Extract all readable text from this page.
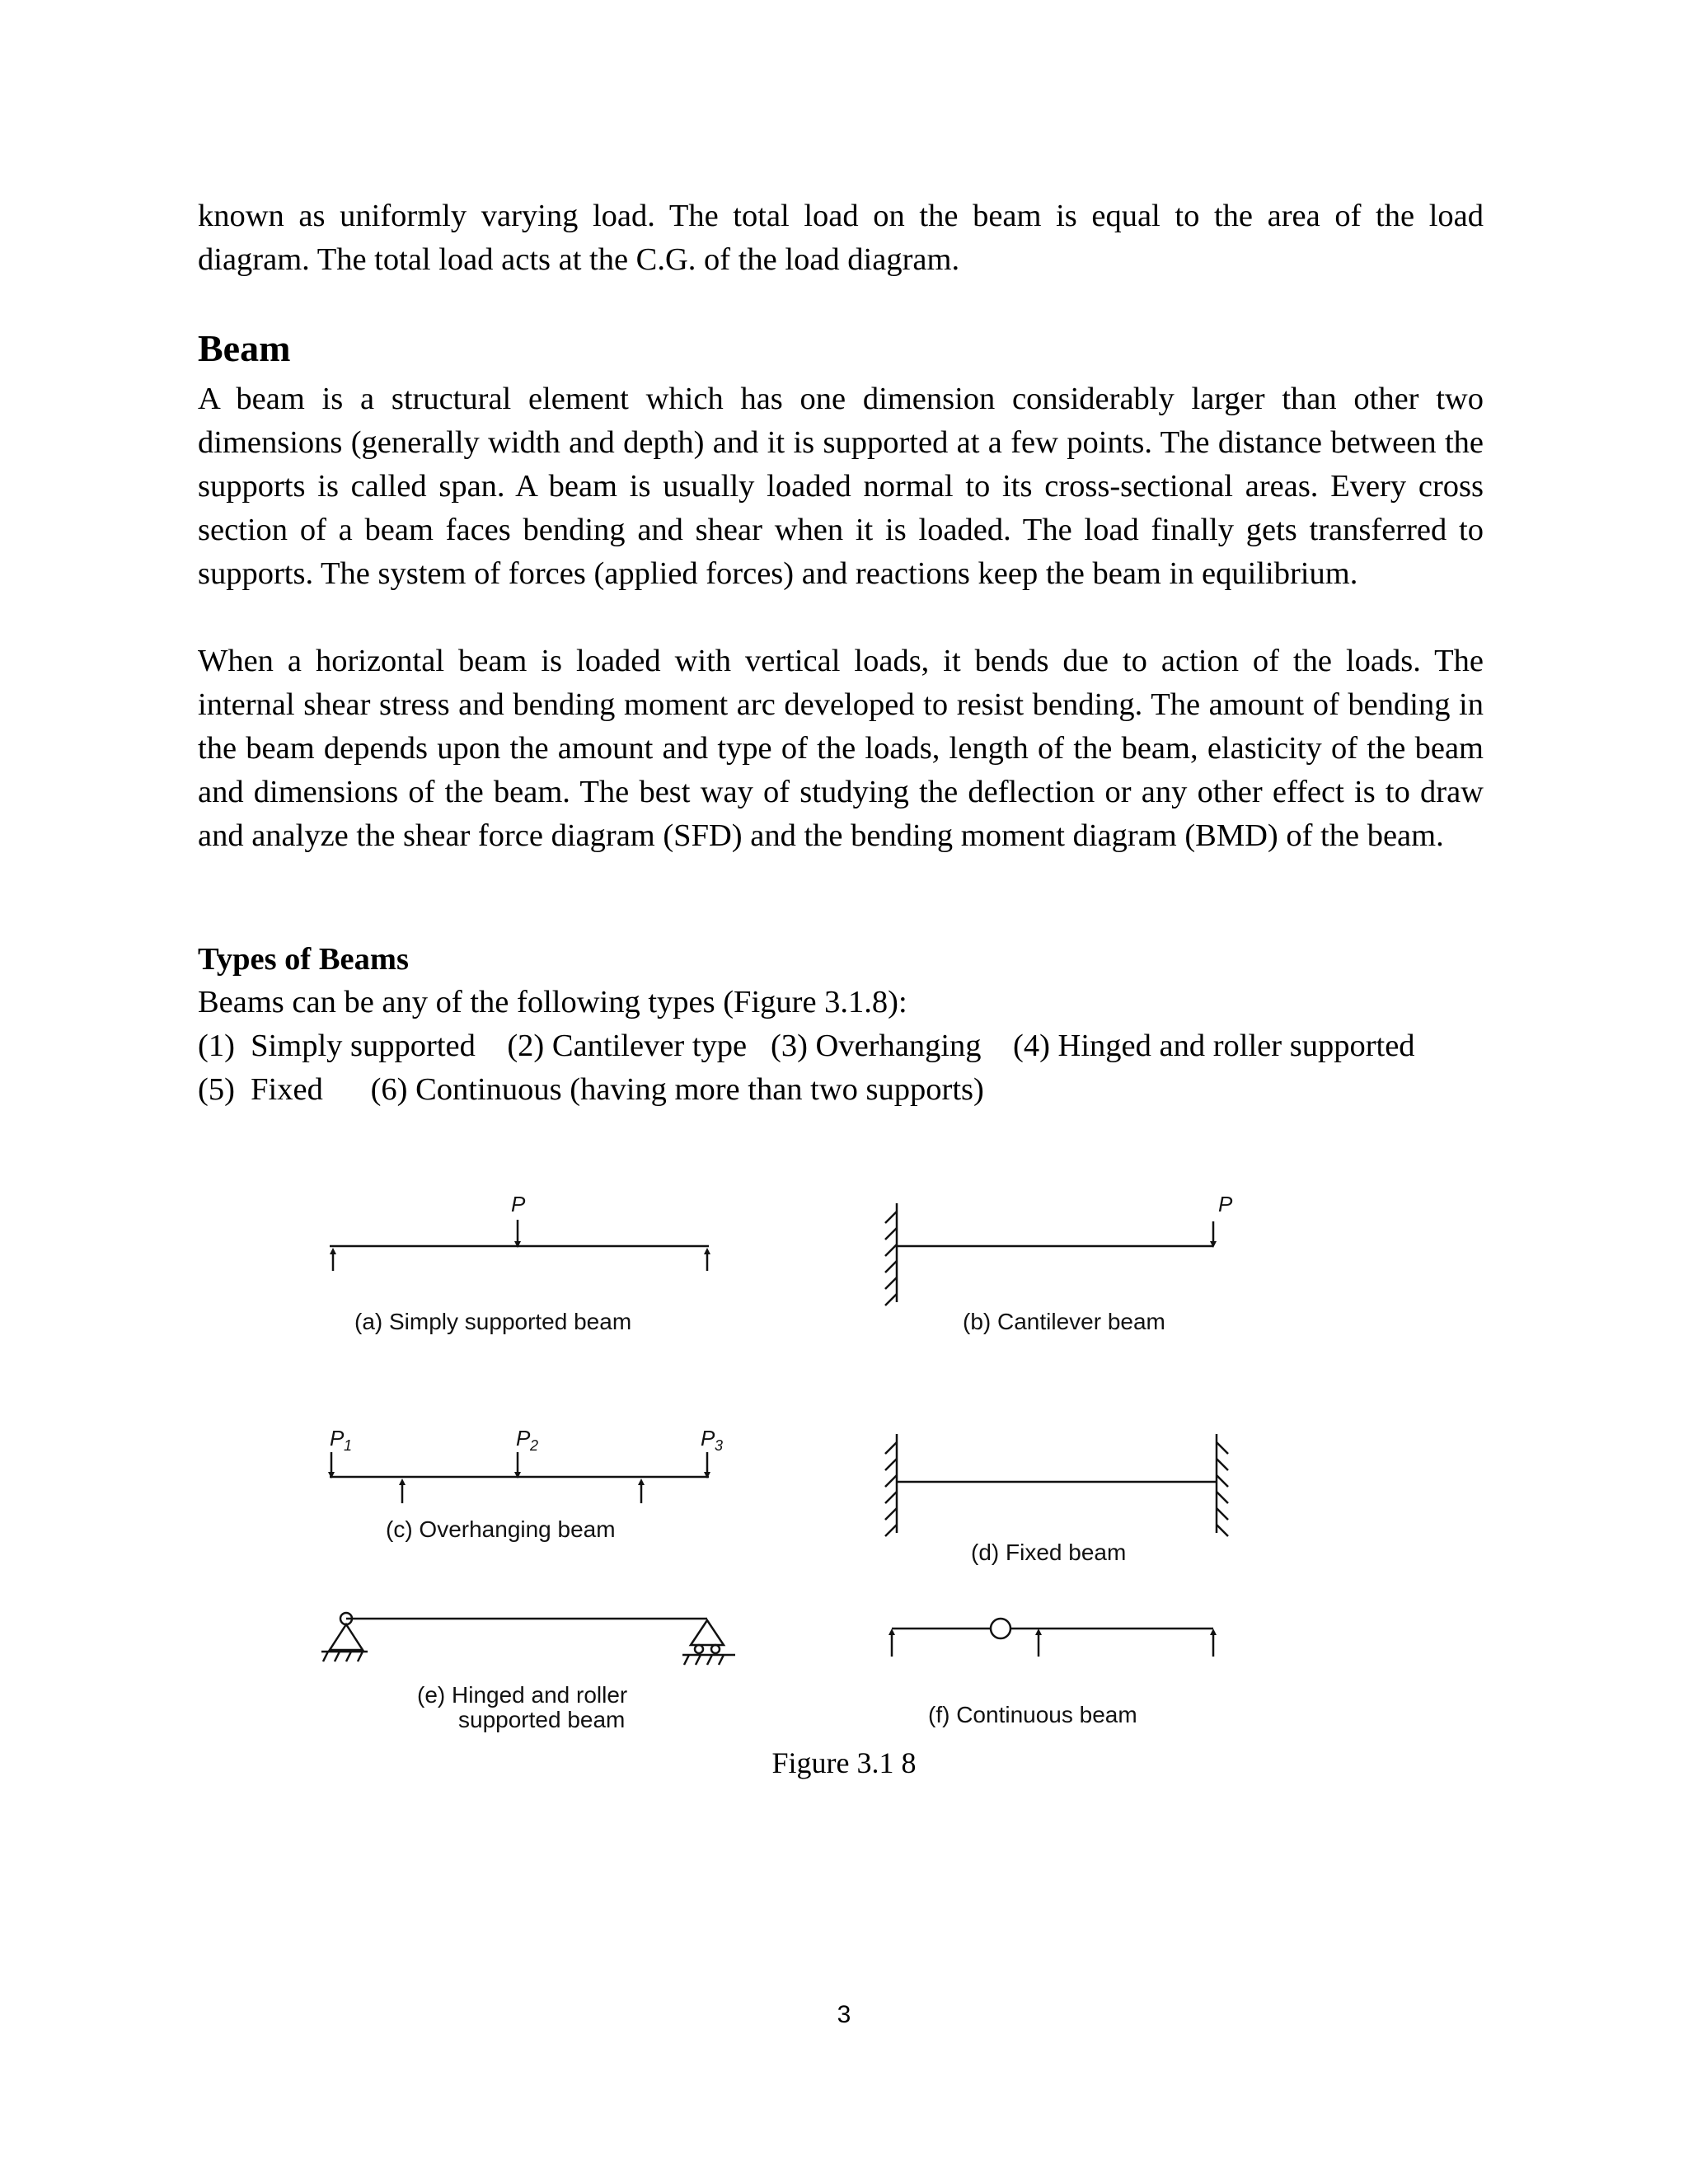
known as uniformly varying load. The total load on the beam is equal to the area of the load diagram. The total load acts at the C.G. of the load diagram.
Beam
A beam is a structural element which has one dimension considerably larger than other two dimensions (generally width and depth) and it is supported at a few points. The distance between the supports is called span. A beam is usually loaded normal to its cross-sectional areas. Every cross section of a beam faces bending and shear when it is loaded. The load finally gets transferred to supports. The system of forces (applied forces) and reactions keep the beam in equilibrium.
When a horizontal beam is loaded with vertical loads, it bends due to action of the loads. The internal shear stress and bending moment arc developed to resist bending. The amount of bending in the beam depends upon the amount and type of the loads, length of the beam, elasticity of the beam and dimensions of the beam. The best way of studying the deflection or any other effect is to draw and analyze the shear force diagram (SFD) and the bending moment diagram (BMD) of the beam.
Types of Beams
Beams can be any of the following types (Figure 3.1.8):
(1)  Simply supported    (2) Cantilever type   (3) Overhanging    (4) Hinged and roller supported
(5)  Fixed      (6) Continuous (having more than two supports)
P
(a) Simply supported beam
P
(b) Cantilever beam
P 1	P 2	P 3
(c) Overhanging beam
(d) Fixed beam
(e) Hinged and roller
supported beam	(f) Continuous beam
Figure 3.1 8
3
